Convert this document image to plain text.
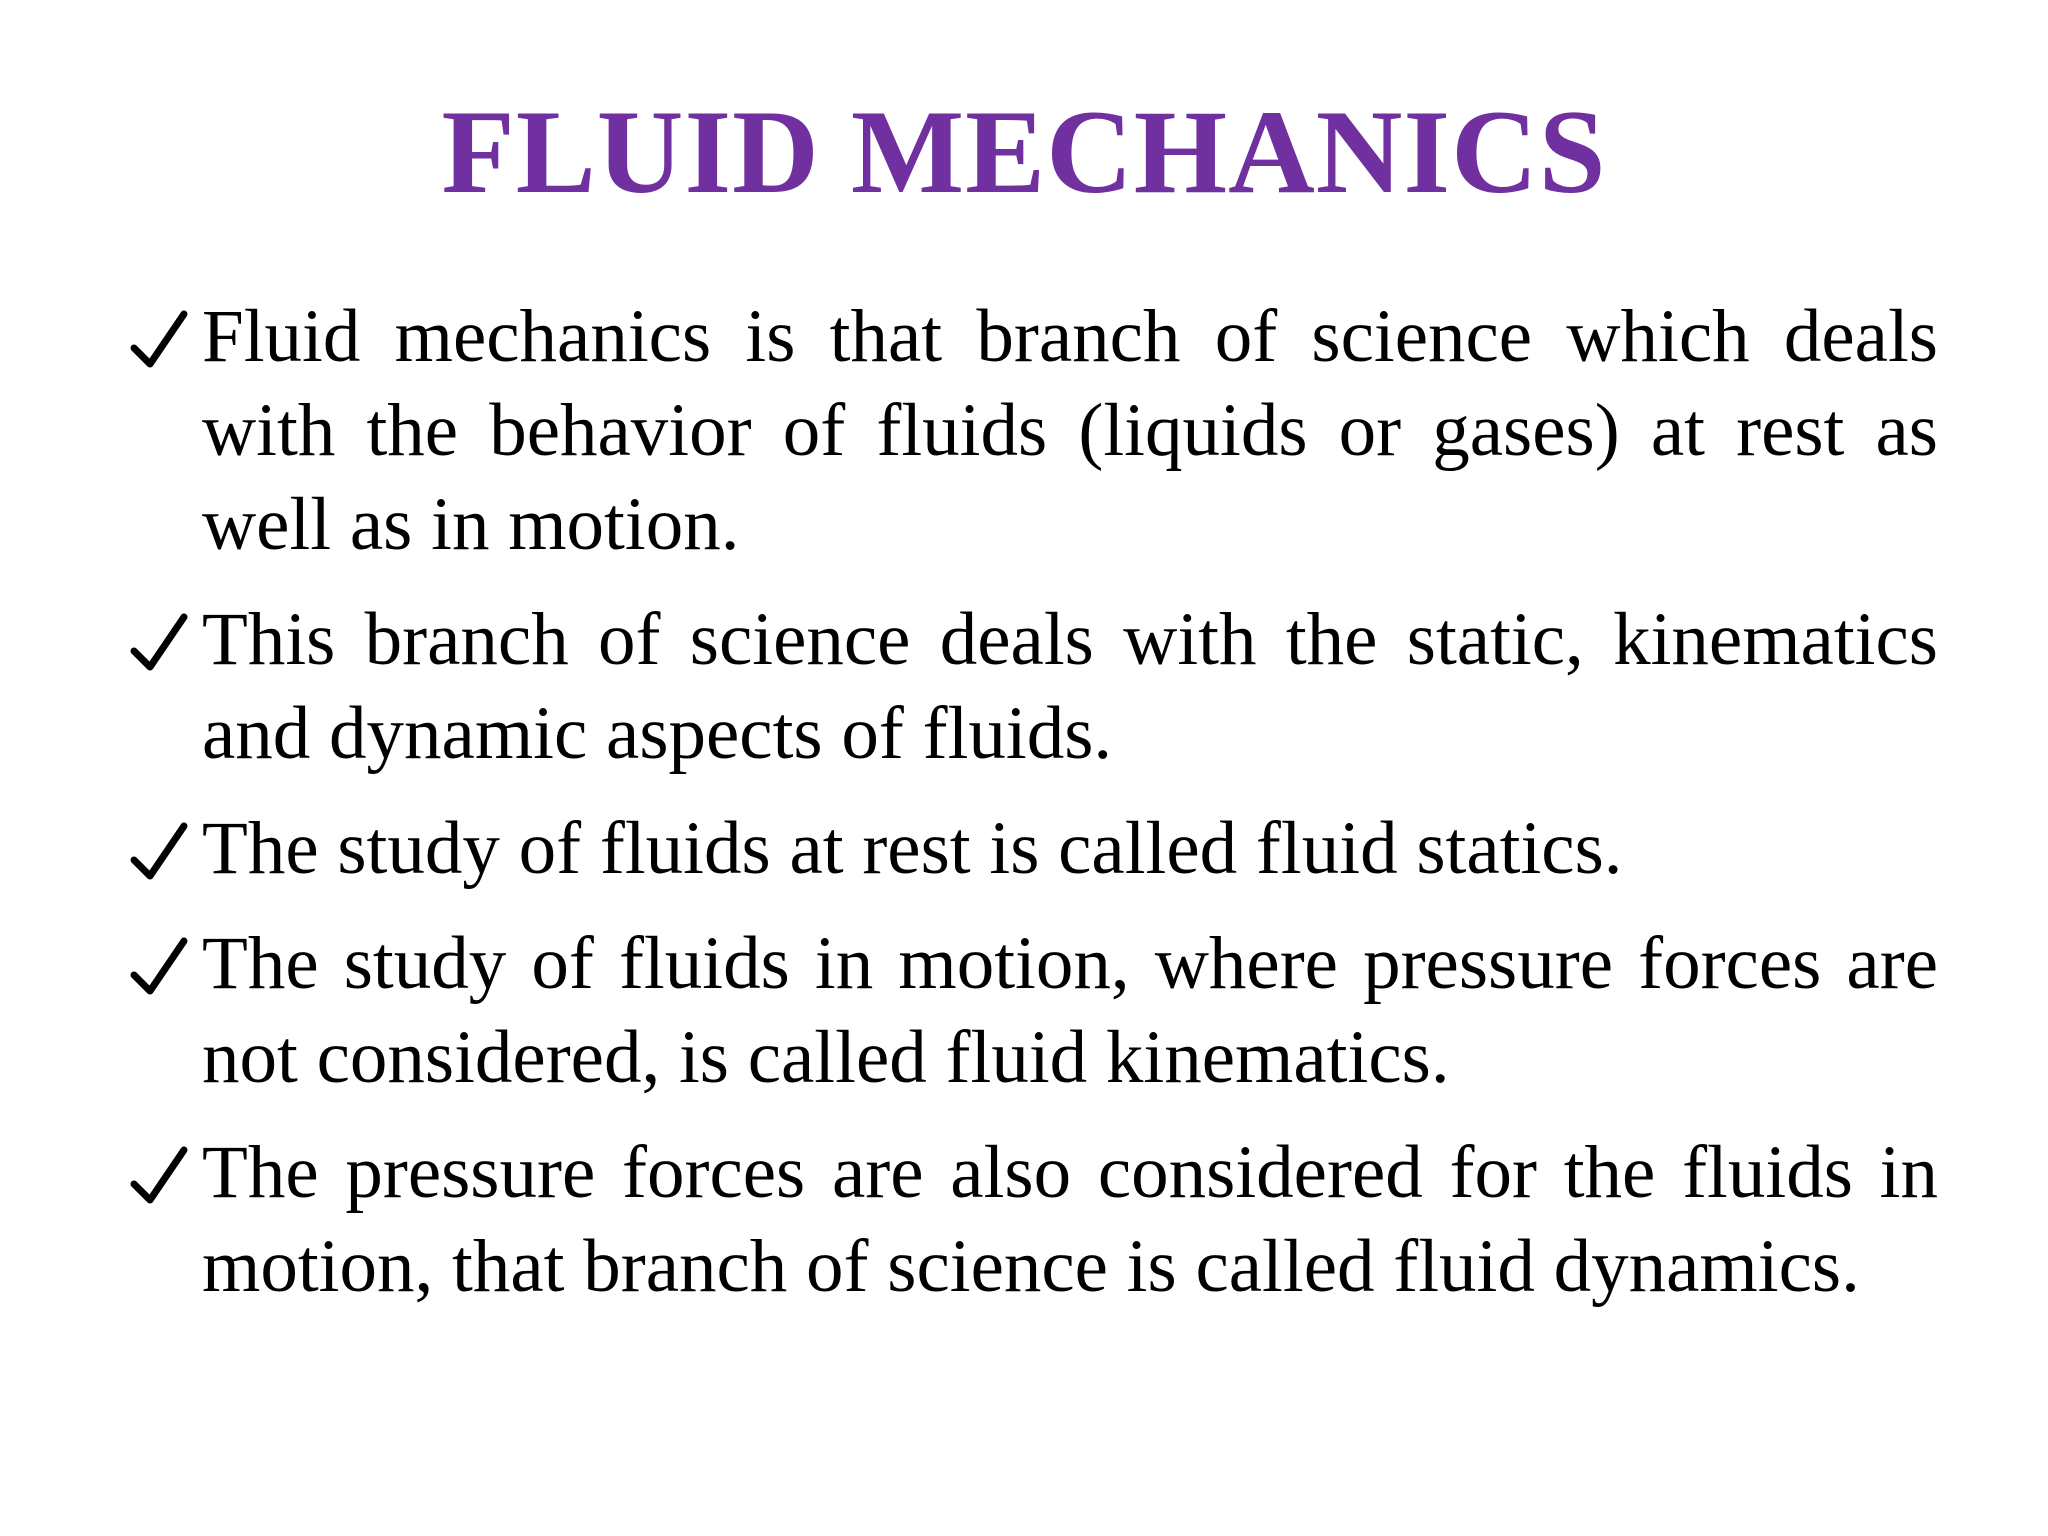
FLUID MECHANICS
Fluid mechanics is that branch of science which deals with the behavior of fluids (liquids or gases) at rest as well as in motion.
This branch of science deals with the static, kinematics and dynamic aspects of fluids.
The study of fluids at rest is called fluid statics.
The study of fluids in motion, where pressure forces are not considered, is called fluid kinematics.
The pressure forces are also considered for the fluids in motion, that branch of science is called fluid dynamics.
